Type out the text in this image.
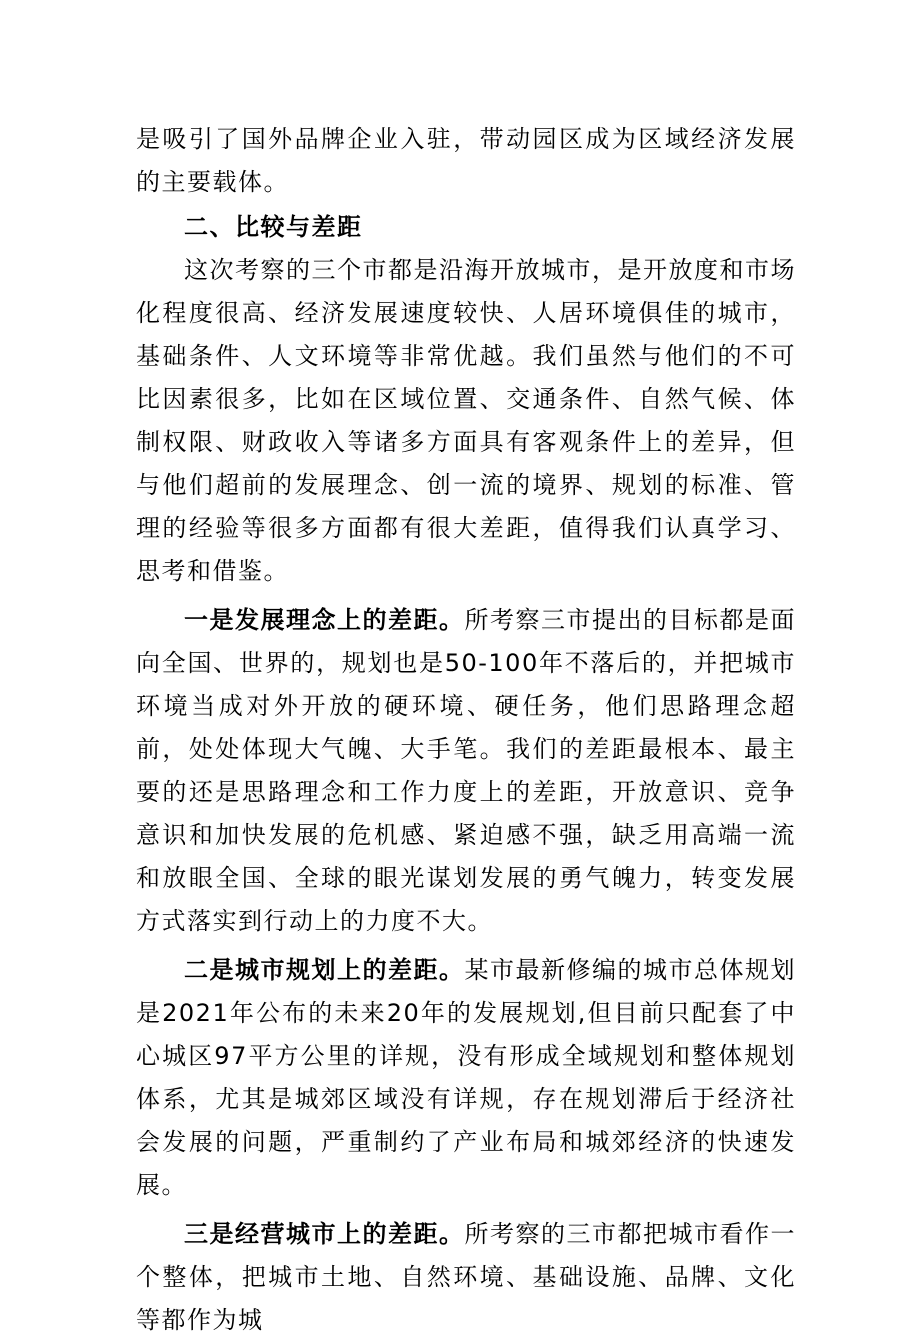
是吸引了国外品牌企业入驻，带动园区成为区域经济发展的主要载体。

二、比较与差距

这次考察的三个市都是沿海开放城市，是开放度和市场化程度很高、经济发展速度较快、人居环境俱佳的城市，基础条件、人文环境等非常优越。我们虽然与他们的不可比因素很多，比如在区域位置、交通条件、自然气候、体制权限、财政收入等诸多方面具有客观条件上的差异，但与他们超前的发展理念、创一流的境界、规划的标准、管理的经验等很多方面都有很大差距，值得我们认真学习、思考和借鉴。

一是发展理念上的差距。所考察三市提出的目标都是面向全国、世界的，规划也是50-100年不落后的，并把城市环境当成对外开放的硬环境、硬任务，他们思路理念超前，处处体现大气魄、大手笔。我们的差距最根本、最主要的还是思路理念和工作力度上的差距，开放意识、竞争意识和加快发展的危机感、紧迫感不强，缺乏用高端一流和放眼全国、全球的眼光谋划发展的勇气魄力，转变发展方式落实到行动上的力度不大。

二是城市规划上的差距。某市最新修编的城市总体规划是2021年公布的未来20年的发展规划,但目前只配套了中心城区97平方公里的详规，没有形成全域规划和整体规划体系，尤其是城郊区域没有详规，存在规划滞后于经济社会发展的问题，严重制约了产业布局和城郊经济的快速发展。

三是经营城市上的差距。所考察的三市都把城市看作一个整体，把城市土地、自然环境、基础设施、品牌、文化等都作为城
